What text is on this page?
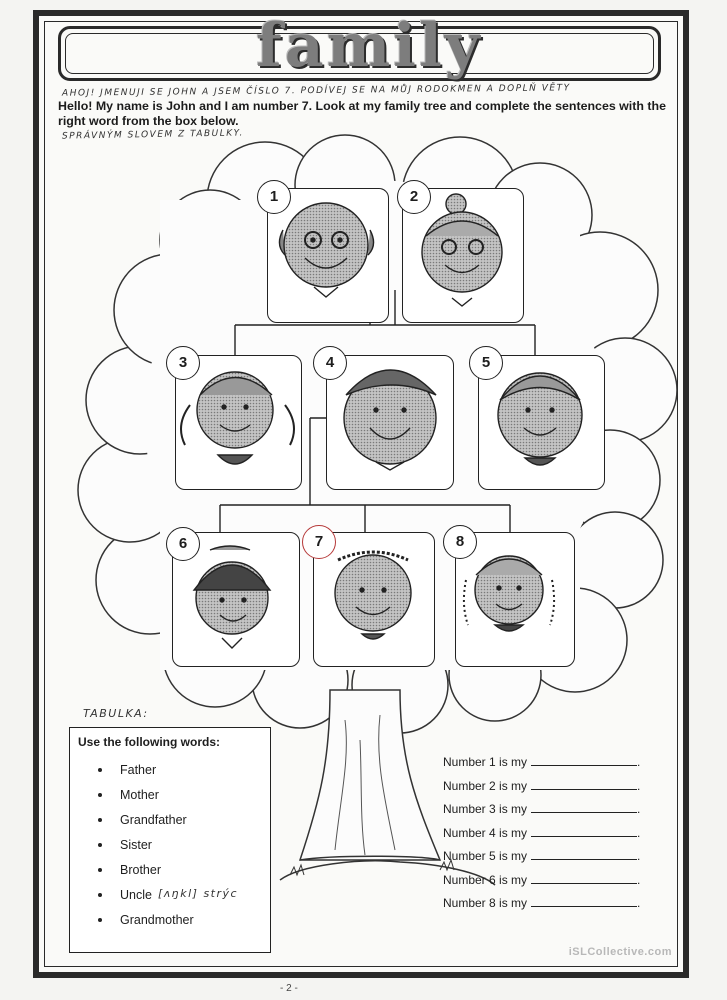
family
AHOJ! JMENUJI SE JOHN A JSEM ČÍSLO 7. PODÍVEJ SE NA MŮJ RODOKMEN A DOPLŇ VĚTY
Hello! My name is John and I am number 7. Look at my family tree and complete the sentences with the right word from the box below.
SPRÁVNÝM SLOVEM Z TABULKY.
1	2
3	4	5
6	7	8
TABULKA:
Use the following words:
Father
Mother
Grandfather
Sister
Brother
Uncle [ʌŋkl] strýc
Grandmother
Number 1 is my	.
Number 2 is my	.
Number 3 is my	.
Number 4 is my	.
Number 5 is my	.
Number 6 is my	.
Number 8 is my	.
iSLCollective.com
- 2 -
